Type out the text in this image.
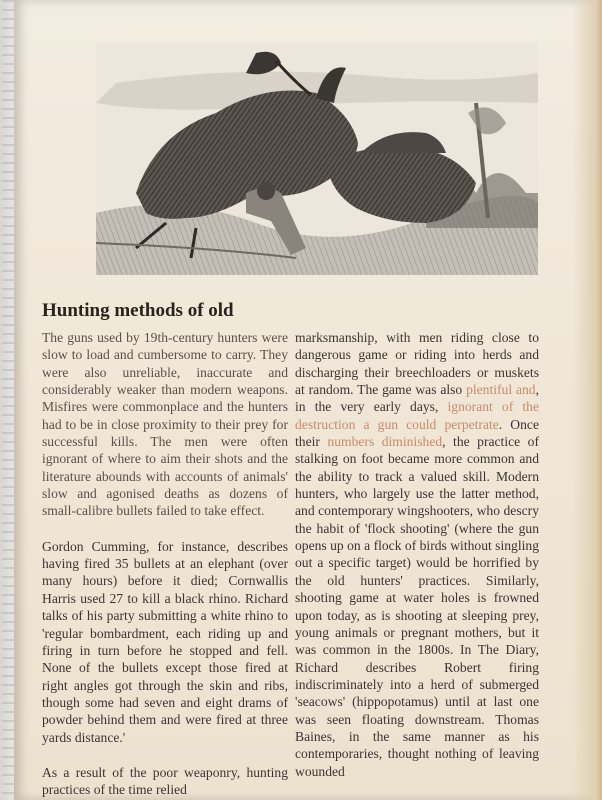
Hunting methods of old

The guns used by 19th-century hunters were slow to load and cumbersome to carry. They were also unreliable, inaccurate and considerably weaker than modern weapons. Misfires were commonplace and the hunters had to be in close proximity to their prey for successful kills. The men were often ignorant of where to aim their shots and the literature abounds with accounts of animals' slow and agonised deaths as dozens of small-calibre bullets failed to take effect.

Gordon Cumming, for instance, describes having fired 35 bullets at an elephant (over many hours) before it died; Cornwallis Harris used 27 to kill a black rhino. Richard talks of his party submitting a white rhino to 'regular bombardment, each riding up and firing in turn before he stopped and fell. None of the bullets except those fired at right angles got through the skin and ribs, though some had seven and eight drams of powder behind them and were fired at three yards distance.'

As a result of the poor weaponry, hunting practices of the time relied

marksmanship, with men riding close to dangerous game or riding into herds and discharging their breechloaders or muskets at random. The game was also plentiful and, in the very early days, ignorant of the destruction a gun could perpetrate. Once their numbers diminished, the practice of stalking on foot became more common and the ability to track a valued skill. Modern hunters, who largely use the latter method, and contemporary wingshooters, who descry the habit of 'flock shooting' (where the gun opens up on a flock of birds without singling out a specific target) would be horrified by the old hunters' practices. Similarly, shooting game at water holes is frowned upon today, as is shooting at sleeping prey, young animals or pregnant mothers, but it was common in the 1800s. In The Diary, Richard describes Robert firing indiscriminately into a herd of submerged 'seacows' (hippopotamus) until at last one was seen floating downstream. Thomas Baines, in the same manner as his contemporaries, thought nothing of leaving wounded
